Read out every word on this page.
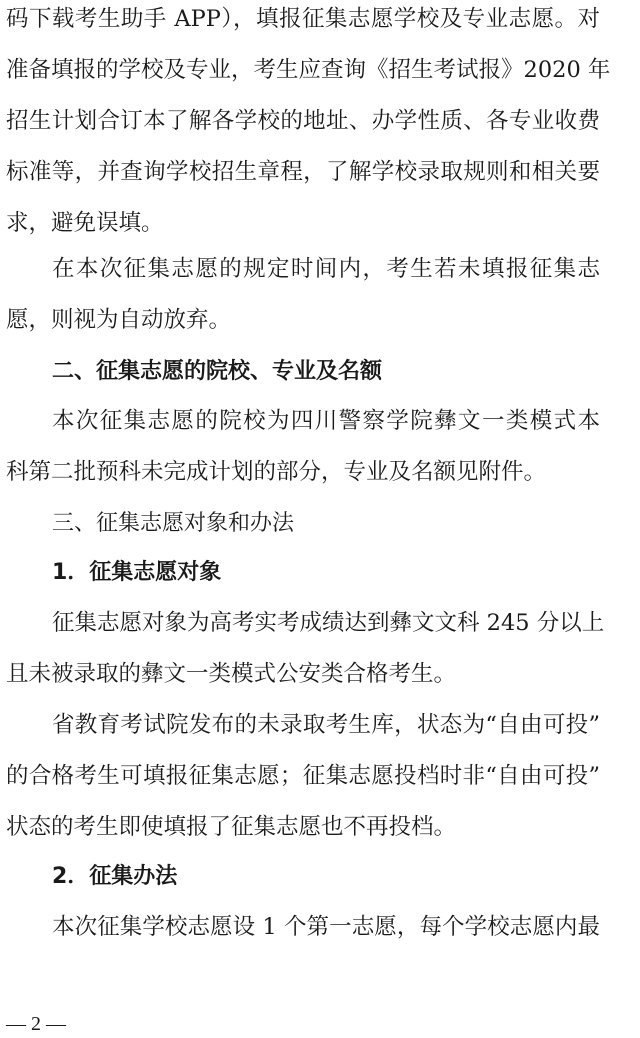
码下载考生助手 APP），填报征集志愿学校及专业志愿。对
准备填报的学校及专业，考生应查询《招生考试报》2020 年
招生计划合订本了解各学校的地址、办学性质、各专业收费
标准等，并查询学校招生章程，了解学校录取规则和相关要
求，避免误填。
在本次征集志愿的规定时间内，考生若未填报征集志
愿，则视为自动放弃。
二、征集志愿的院校、专业及名额
本次征集志愿的院校为四川警察学院彝文一类模式本
科第二批预科未完成计划的部分，专业及名额见附件。
三、征集志愿对象和办法
1．征集志愿对象
征集志愿对象为高考实考成绩达到彝文文科 245 分以上
且未被录取的彝文一类模式公安类合格考生。
省教育考试院发布的未录取考生库，状态为“自由可投”
的合格考生可填报征集志愿；征集志愿投档时非“自由可投”
状态的考生即使填报了征集志愿也不再投档。
2．征集办法
本次征集学校志愿设 1 个第一志愿，每个学校志愿内最
— 2 —
